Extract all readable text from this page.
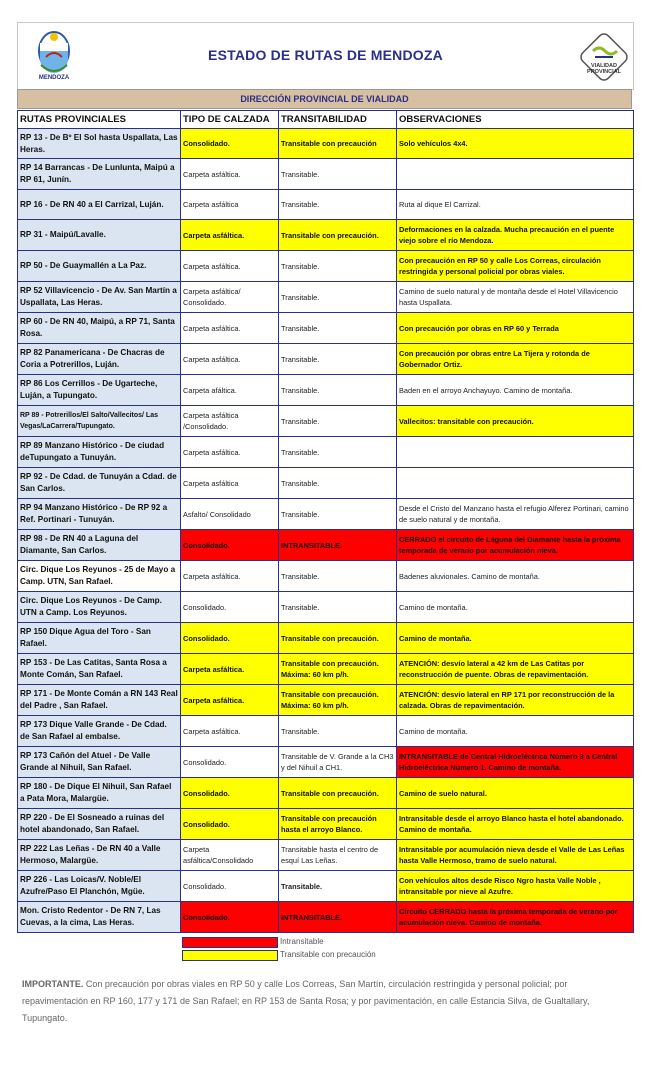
MENDOZA
ESTADO DE RUTAS DE MENDOZA
VIALIDAD
PROVINCIAL
DIRECCIÓN PROVINCIAL DE VIALIDAD
RUTAS PROVINCIALES	TIPO DE CALZADA	TRANSITABILIDAD	OBSERVACIONES
RP 13 - De Bº El Sol hasta Uspallata, Las Heras.	Consolidado.	Transitable con precaución	Solo vehículos 4x4.
RP 14 Barrancas - De Lunlunta, Maipú a RP 61, Junín.	Carpeta asfáltica.	Transitable.	
RP 16 - De RN 40 a El Carrizal, Luján.	Carpeta asfáltica	Transitable.	Ruta al dique El Carrizal.
RP 31 - Maipú/Lavalle.	Carpeta asfáltica.	Transitable con precaución.	Deformaciones en la calzada. Mucha precaución en el puente viejo sobre el río Mendoza.
RP 50 - De Guaymallén a La Paz.	Carpeta asfáltica.	Transitable.	Con precaución en RP 50 y calle Los Correas, circulación restringida y personal policial por obras viales.
RP 52 Villavicencio - De Av. San Martín a Uspallata, Las Heras.	Carpeta asfáltica/ Consolidado.	Transitable.	Camino de suelo natural y de montaña desde el Hotel Villavicencio hasta Uspallata.
RP 60 - De RN 40, Maipú, a RP 71, Santa Rosa.	Carpeta asfáltica.	Transitable.	Con precaución por obras en RP 60 y Terrada
RP 82 Panamericana - De Chacras de Coria a Potrerillos, Luján.	Carpeta asfáltica.	Transitable.	Con precaución por obras entre La Tijera y rotonda de Gobernador Ortiz.
RP 86 Los Cerrillos - De Ugarteche, Luján, a Tupungato.	Carpeta afáltica.	Transitable.	Baden en el arroyo Anchayuyo. Camino de montaña.
RP 89 - Potrerillos/El Salto/Vallecitos/ Las Vegas/LaCarrera/Tupungato.	Carpeta asfáltica /Consolidado.	Transitable.	Vallecitos: transitable con precaución.
RP 89 Manzano Histórico - De ciudad deTupungato a Tunuyán.	Carpeta asfáltica.	Transitable.	
RP 92 - De Cdad. de Tunuyán a Cdad. de San Carlos.	Carpeta asfáltica	Transitable.	
RP 94 Manzano Histórico - De RP 92 a Ref. Portinari - Tunuyán.	Asfalto/ Consolidado	Transitable.	Desde el Cristo del Manzano hasta el refugio Alferez Portinari, camino de suelo natural y de montaña.
RP 98 - De RN 40 a Laguna del Diamante, San Carlos.	Consolidado.	INTRANSITABLE.	CERRADO el circuito de Laguna del Diamante hasta la próxima temporada de verano por acumulación nieva.
Circ. Dique Los Reyunos - 25 de Mayo a Camp. UTN, San Rafael.	Carpeta asfáltica.	Transitable.	Badenes aluvionales. Camino de montaña.
Circ. Dique Los Reyunos - De Camp. UTN a Camp. Los Reyunos.	Consolidado.	Transitable.	Camino de montaña.
RP 150 Dique Agua del Toro - San Rafael.	Consolidado.	Transitable con precaución.	Camino de montaña.
RP 153 - De Las Catitas, Santa Rosa a Monte Comán, San Rafael.	Carpeta asfáltica.	Transitable con precaución. Máxima: 60 km p/h.	ATENCIÓN: desvío lateral a 42 km de Las Catitas por reconstrucción de puente. Obras de repavimentación.
RP 171 - De Monte Comán a RN 143 Real del Padre , San Rafael.	Carpeta asfáltica.	Transitable con precaución. Máxima: 60 km p/h.	ATENCIÓN: desvío lateral en RP 171 por reconstrucción de la calzada. Obras de repavimentación.
RP 173 Dique Valle Grande - De Cdad. de San Rafael al embalse.	Carpeta asfáltica.	Transitable.	Camino de montaña.
RP 173 Cañón del Atuel - De Valle Grande al Nihuil, San Rafael.	Consolidado.	Transitable de V. Grande a la CH3 y del Nihuil a CH1.	INTRANSITABLE de Central Hidroeléctrica Número 3 a Central Hidroeléctrica Número 1. Camino de montaña.
RP 180 - De Dique El Nihuil, San Rafael a Pata Mora, Malargüe.	Consolidado.	Transitable con precaución.	Camino de suelo natural.
RP 220 - De El Sosneado a ruinas del hotel abandonado, San Rafael.	Consolidado.	Transitable con precaución hasta el arroyo Blanco.	Intransitable desde el arroyo Blanco hasta el hotel abandonado. Camino de montaña.
RP 222 Las Leñas - De RN 40 a Valle Hermoso, Malargüe.	Carpeta asfáltica/Consolidado	Transitable hasta el centro de esquí Las Leñas.	Intransitable por acumulación nieva desde el Valle de Las Leñas hasta Valle Hermoso, tramo de suelo natural.
RP 226 - Las Loicas/V. Noble/El Azufre/Paso El Planchón, Mgüe.	Consolidado.	Transitable.	Con vehículos altos desde Risco Ngro hasta Valle Noble , intransitable por nieve al Azufre.
Mon. Cristo Redentor - De RN 7, Las Cuevas, a la cima, Las Heras.	Consolidado.	INTRANSITABLE.	Circuito CERRADO hasta la próxima temporada de verano por acumulación nieva. Camino de montaña.
Intransitable
Transitable con precaución
IMPORTANTE. Con precaución por obras viales en RP 50 y calle Los Correas, San Martín, circulación restringida y personal policial; por repavimentación en RP 160, 177 y 171 de San Rafael; en RP 153 de Santa Rosa; y por pavimentación, en calle Estancia Silva, de Gualtallary, Tupungato.
